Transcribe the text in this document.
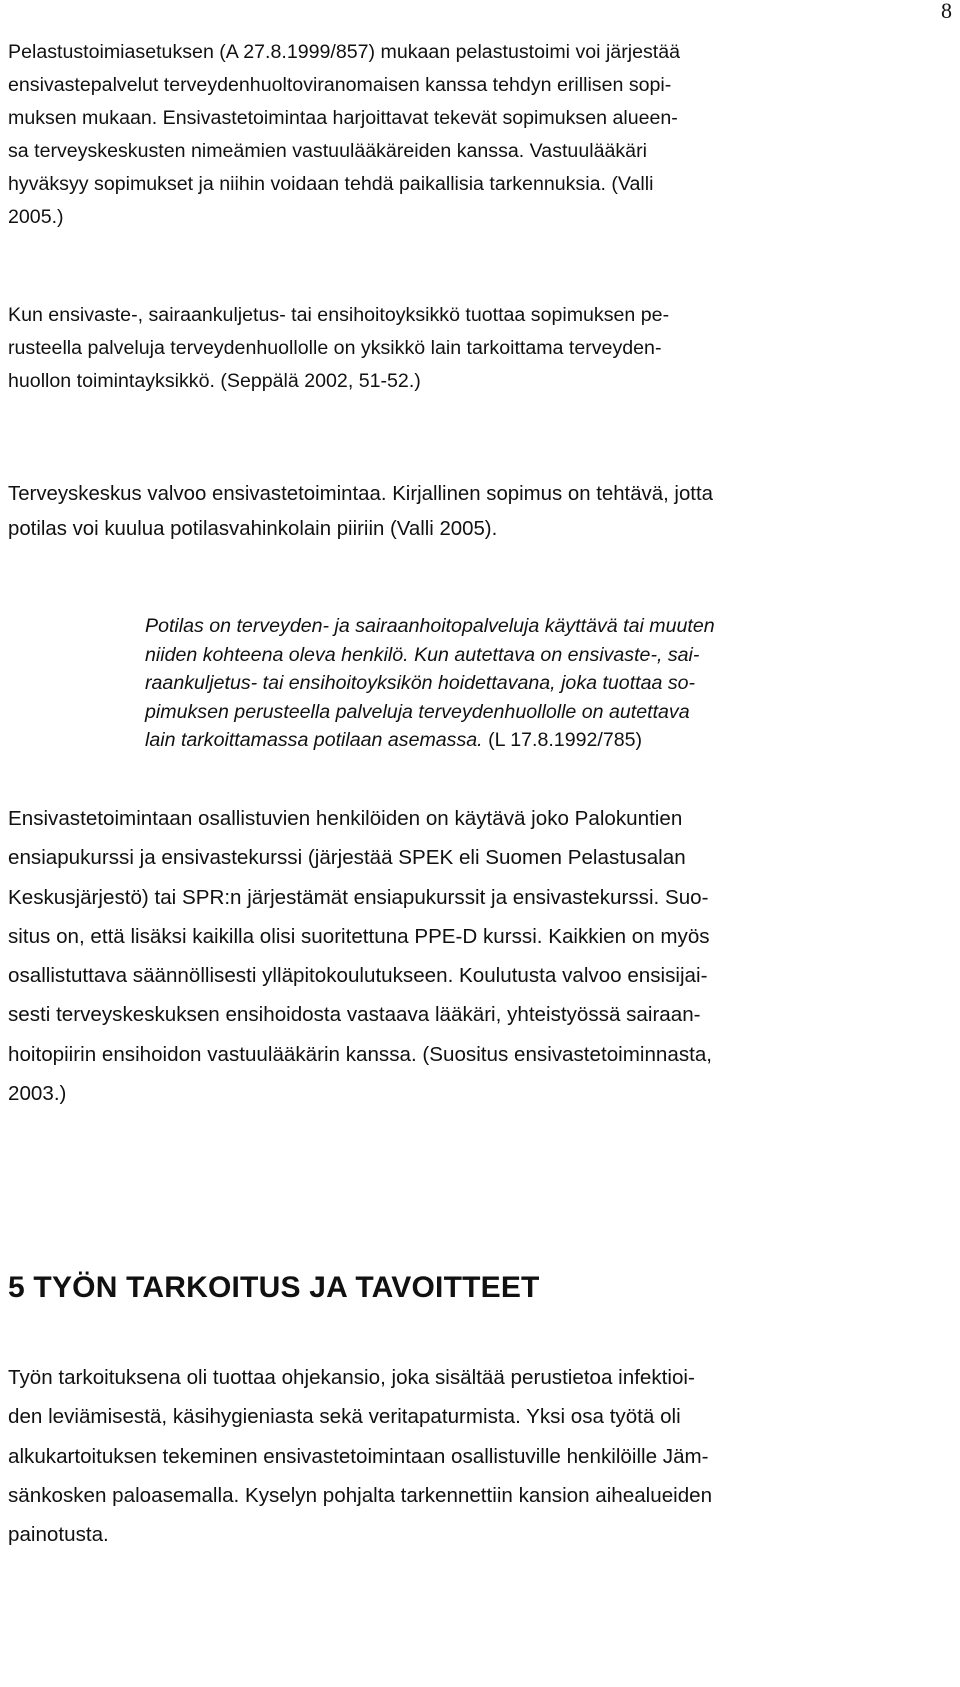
8
Pelastustoimiasetuksen (A 27.8.1999/857) mukaan pelastustoimi voi järjestää
ensivastepalvelut terveydenhuoltoviranomaisen kanssa tehdyn erillisen sopi-
muksen mukaan. Ensivastetoimintaa harjoittavat tekevät sopimuksen alueen-
sa terveyskeskusten nimeämien vastuulääkäreiden kanssa. Vastuulääkäri
hyväksyy sopimukset ja niihin voidaan tehdä paikallisia tarkennuksia. (Valli
2005.)
Kun ensivaste-, sairaankuljetus- tai ensihoitoyksikkö tuottaa sopimuksen pe-
rusteella palveluja terveydenhuollolle on yksikkö lain tarkoittama terveyden-
huollon toimintayksikkö. (Seppälä 2002, 51-52.)
Terveyskeskus valvoo ensivastetoimintaa. Kirjallinen sopimus on tehtävä, jotta
potilas voi kuulua potilasvahinkolain piiriin (Valli 2005).
Potilas on terveyden- ja sairaanhoitopalveluja käyttävä tai muuten
niiden kohteena oleva henkilö. Kun autettava on ensivaste-, sai-
raankuljetus- tai ensihoitoyksikön hoidettavana, joka tuottaa so-
pimuksen perusteella palveluja terveydenhuollolle on autettava
lain tarkoittamassa potilaan asemassa. (L 17.8.1992/785)
Ensivastetoimintaan osallistuvien henkilöiden on käytävä joko Palokuntien
ensiapukurssi ja ensivastekurssi (järjestää SPEK eli Suomen Pelastusalan
Keskusjärjestö) tai SPR:n järjestämät ensiapukurssit ja ensivastekurssi. Suo-
situs on, että lisäksi kaikilla olisi suoritettuna PPE-D kurssi. Kaikkien on myös
osallistuttava säännöllisesti ylläpitokoulutukseen. Koulutusta valvoo ensisijai-
sesti terveyskeskuksen ensihoidosta vastaava lääkäri, yhteistyössä sairaan-
hoitopiirin ensihoidon vastuulääkärin kanssa. (Suositus ensivastetoiminnasta,
2003.)
5 TYÖN TARKOITUS JA TAVOITTEET
Työn tarkoituksena oli tuottaa ohjekansio, joka sisältää perustietoa infektioi-
den leviämisestä, käsihygieniasta sekä veritapaturmista. Yksi osa työtä oli
alkukartoituksen tekeminen ensivastetoimintaan osallistuville henkilöille Jäm-
sänkosken paloasemalla. Kyselyn pohjalta tarkennettiin kansion aihealueiden
painotusta.
